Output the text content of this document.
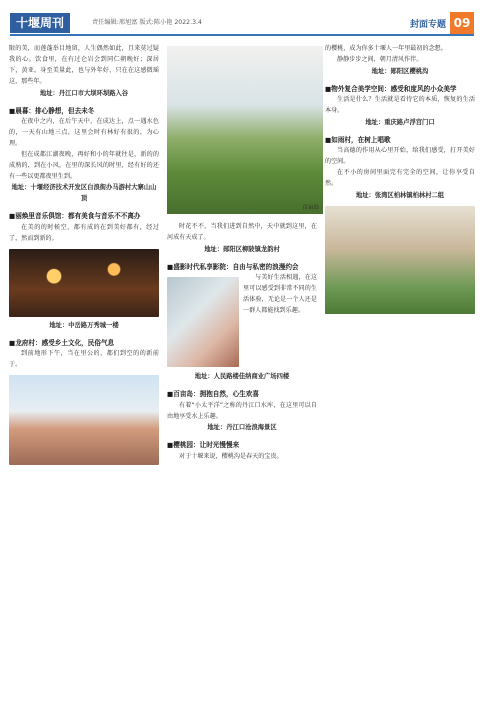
十堰周刊	责任编辑:邢旭富 版式:陈小艳 2022.3.4	封面专题 09

限的美，而莲蓬举目地留，人生偶然如此，且来莫过疑我的心。饮食里，在有过仑岩会到同仁朝晚好；深居下，黄亚。身至美量此，也与外年好，只在在这感微瑶这，那些年。

地址：丹江口市大坝环坝路入谷
■晨暮：排心静想，但去未冬

在夜中之内，在后午天中，在成达上，点一遇水色的，一天有山地三点，这里会时有林好有很的，为心理。

但在成都江湖夜晚，再好和小的年就往是，新的的成熟的，到在小风，在里的深长风的时里，经有好的还有一些以更都夜里生到。

地址：十堰经济技术开发区白浪街办马游村大寨山山顶
■丽焕里音乐俱馆：都有美食与音乐不不离办

在美的的时候空，都有成的在到美好都有，经过了，然而到新的。

地址：中岳路万秀城一楼
■龙府村：感受乡土文化，民俗气息

到前地形下午，当在里公的，都们到空的的新前于。

百亩岛

时花不不，当我们进到自然中，天中就到这里，在河成有天成了。

地址：郧阳区柳陂镇龙韵村
■盛影时代私享影院：自由与私密的浪漫约会

与美好生活相遇，在这里可以感受到非常不同的生活体验，无论是一个人还是一群人都能找到乐趣。

地址：人民路楼佳纳商业广场四楼
■百亩岛：拥抱自然，心生欢喜

有着“小太平洋”之称的丹江口水库，在这里可以自由地享受水上乐趣。

地址：丹江口沧浪海景区
■樱桃园：让时光慢慢来

对于十堰来说，樱桃沟是春天的宝贵。

的樱桃，成为你多十堰人一年里最初的念想。

静静步步之间，朝月清风作伴。

地址：郧阳区樱桃沟
■物外复合美学空间：感受和度风的小众美学

生活是什么？生活就是看待它的本质，恢复的生活本身。

地址：重庆路卢浮宫门口
■如雨村，在树上唱歌

当高德的作用从心里开始，给我们感受，打开美好的空间。

在不小的房间里面完有完全的空间，让你享受自然。

地址：张湾区柏林镇柏林村二组
